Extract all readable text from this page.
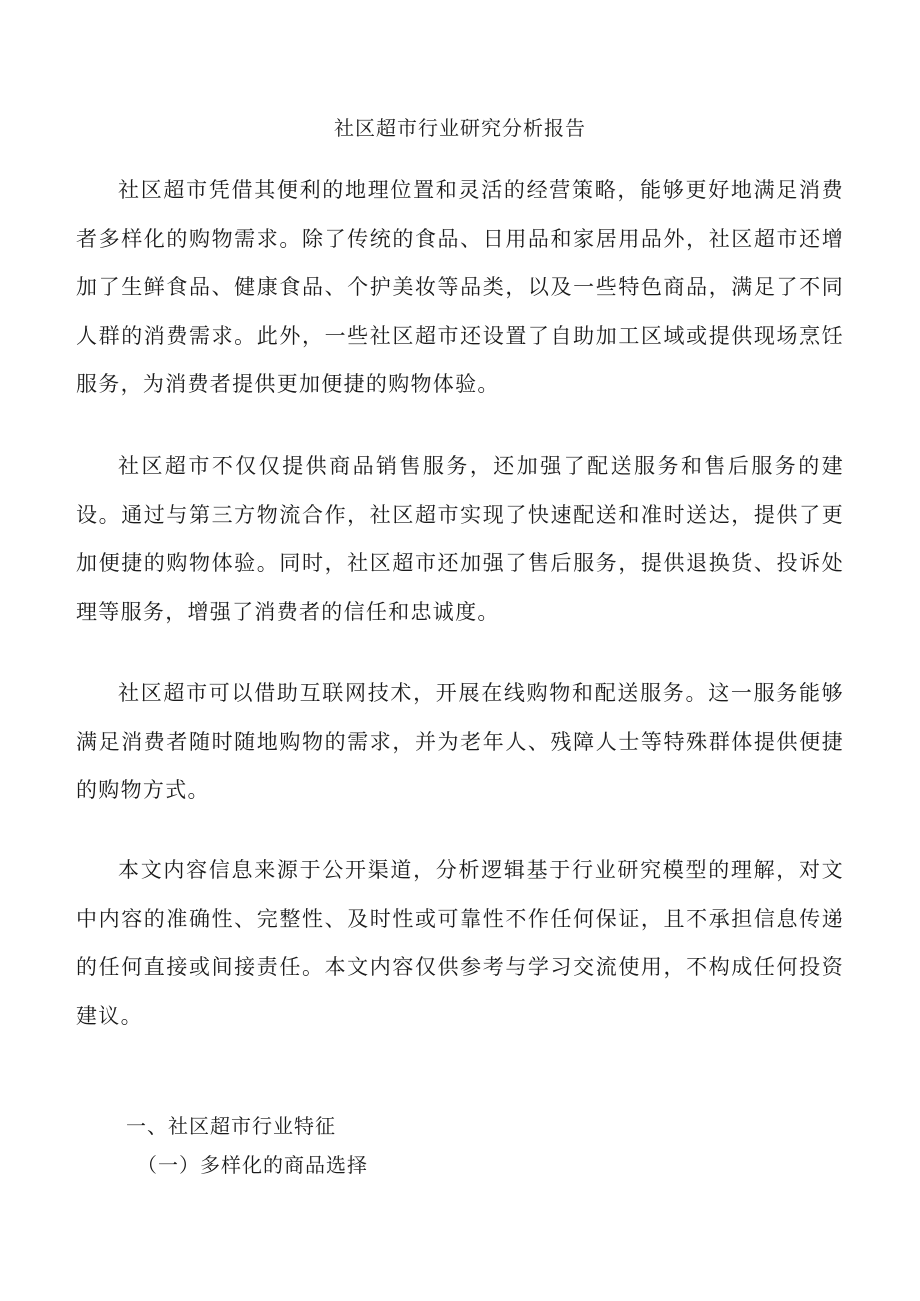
社区超市行业研究分析报告

社区超市凭借其便利的地理位置和灵活的经营策略，能够更好地满足消费者多样化的购物需求。除了传统的食品、日用品和家居用品外，社区超市还增加了生鲜食品、健康食品、个护美妆等品类，以及一些特色商品，满足了不同人群的消费需求。此外，一些社区超市还设置了自助加工区域或提供现场烹饪服务，为消费者提供更加便捷的购物体验。

社区超市不仅仅提供商品销售服务，还加强了配送服务和售后服务的建设。通过与第三方物流合作，社区超市实现了快速配送和准时送达，提供了更加便捷的购物体验。同时，社区超市还加强了售后服务，提供退换货、投诉处理等服务，增强了消费者的信任和忠诚度。

社区超市可以借助互联网技术，开展在线购物和配送服务。这一服务能够满足消费者随时随地购物的需求，并为老年人、残障人士等特殊群体提供便捷的购物方式。

本文内容信息来源于公开渠道，分析逻辑基于行业研究模型的理解，对文中内容的准确性、完整性、及时性或可靠性不作任何保证，且不承担信息传递的任何直接或间接责任。本文内容仅供参考与学习交流使用，不构成任何投资建议。

一、社区超市行业特征
（一）多样化的商品选择
